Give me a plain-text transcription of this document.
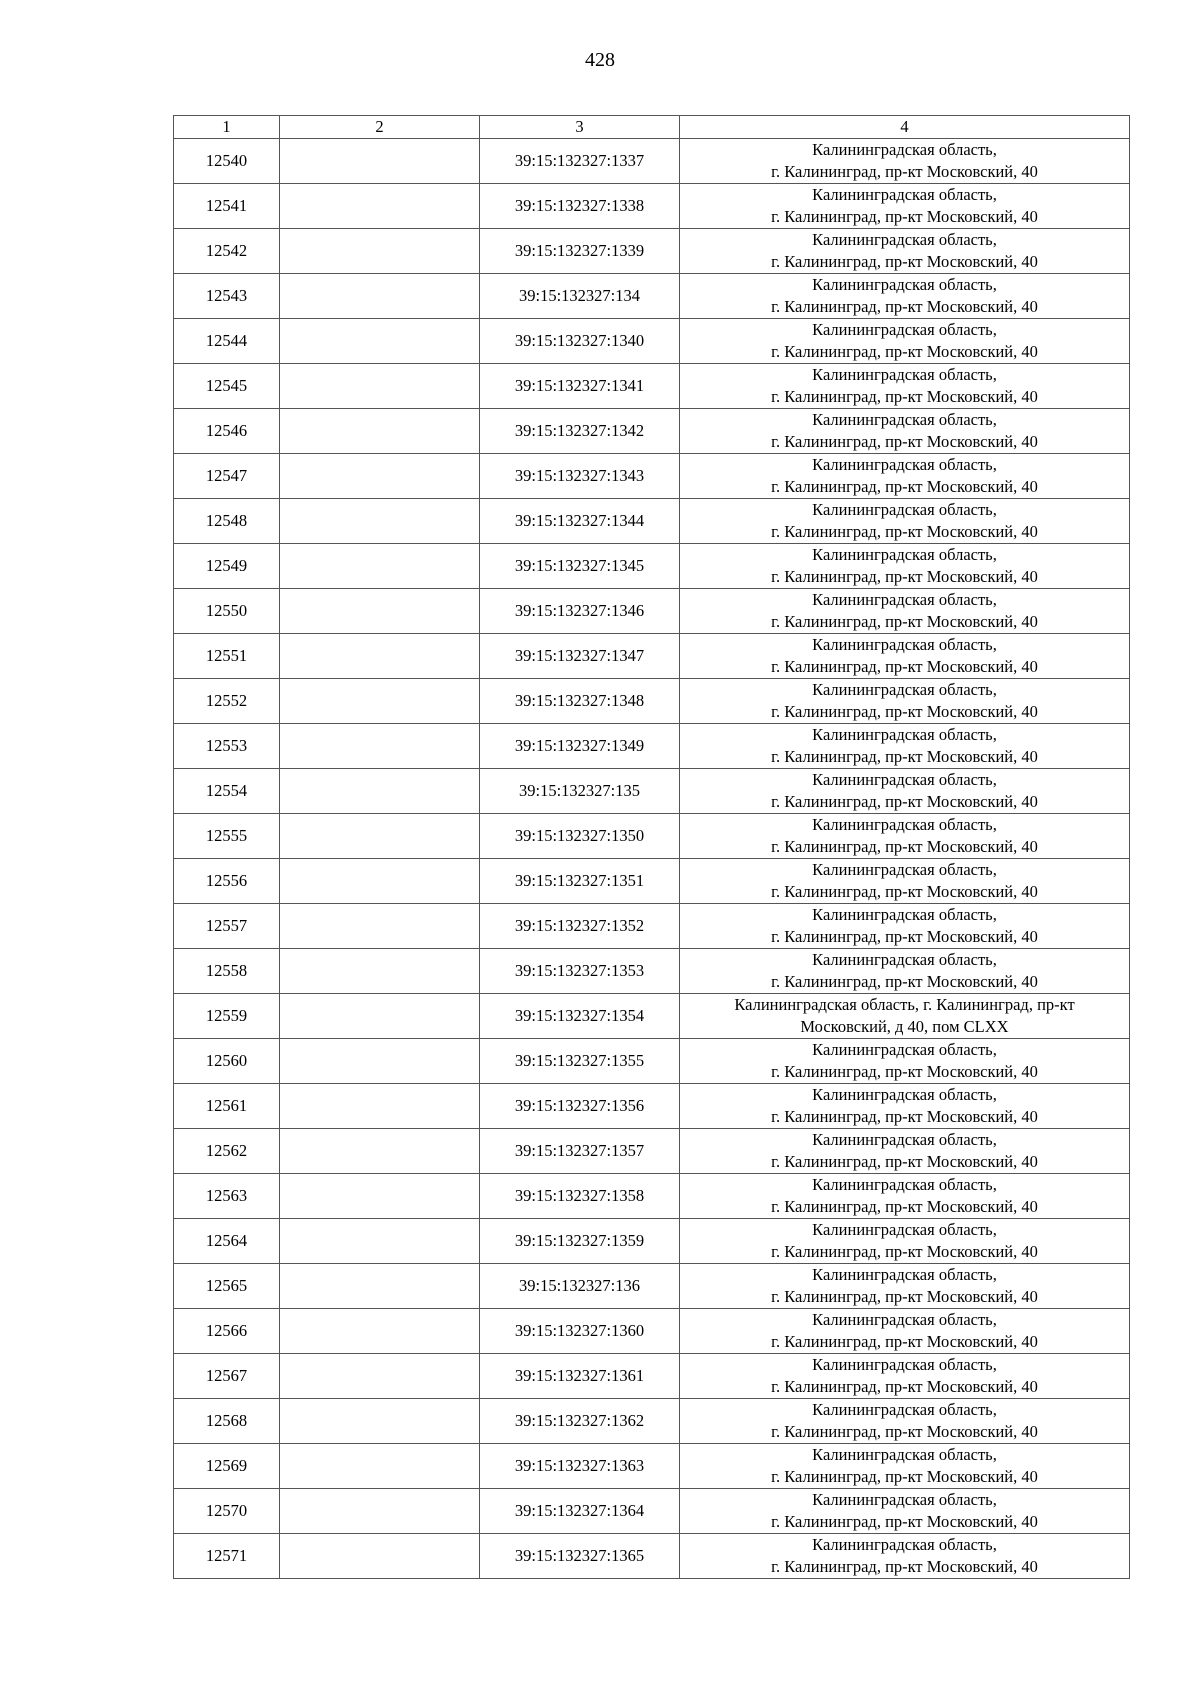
428
1	2	3	4
12540		39:15:132327:1337	Калининградская область,
г. Калининград, пр-кт Московский, 40

12541		39:15:132327:1338	Калининградская область,
г. Калининград, пр-кт Московский, 40

12542		39:15:132327:1339	Калининградская область,
г. Калининград, пр-кт Московский, 40

12543		39:15:132327:134	Калининградская область,
г. Калининград, пр-кт Московский, 40

12544		39:15:132327:1340	Калининградская область,
г. Калининград, пр-кт Московский, 40

12545		39:15:132327:1341	Калининградская область,
г. Калининград, пр-кт Московский, 40

12546		39:15:132327:1342	Калининградская область,
г. Калининград, пр-кт Московский, 40

12547		39:15:132327:1343	Калининградская область,
г. Калининград, пр-кт Московский, 40

12548		39:15:132327:1344	Калининградская область,
г. Калининград, пр-кт Московский, 40

12549		39:15:132327:1345	Калининградская область,
г. Калининград, пр-кт Московский, 40

12550		39:15:132327:1346	Калининградская область,
г. Калининград, пр-кт Московский, 40

12551		39:15:132327:1347	Калининградская область,
г. Калининград, пр-кт Московский, 40

12552		39:15:132327:1348	Калининградская область,
г. Калининград, пр-кт Московский, 40

12553		39:15:132327:1349	Калининградская область,
г. Калининград, пр-кт Московский, 40

12554		39:15:132327:135	Калининградская область,
г. Калининград, пр-кт Московский, 40

12555		39:15:132327:1350	Калининградская область,
г. Калининград, пр-кт Московский, 40

12556		39:15:132327:1351	Калининградская область,
г. Калининград, пр-кт Московский, 40

12557		39:15:132327:1352	Калининградская область,
г. Калининград, пр-кт Московский, 40

12558		39:15:132327:1353	Калининградская область,
г. Калининград, пр-кт Московский, 40

12559		39:15:132327:1354	Калининградская область, г. Калининград, пр-кт
Московский, д 40, пом CLXX

12560		39:15:132327:1355	Калининградская область,
г. Калининград, пр-кт Московский, 40

12561		39:15:132327:1356	Калининградская область,
г. Калининград, пр-кт Московский, 40

12562		39:15:132327:1357	Калининградская область,
г. Калининград, пр-кт Московский, 40

12563		39:15:132327:1358	Калининградская область,
г. Калининград, пр-кт Московский, 40

12564		39:15:132327:1359	Калининградская область,
г. Калининград, пр-кт Московский, 40

12565		39:15:132327:136	Калининградская область,
г. Калининград, пр-кт Московский, 40

12566		39:15:132327:1360	Калининградская область,
г. Калининград, пр-кт Московский, 40

12567		39:15:132327:1361	Калининградская область,
г. Калининград, пр-кт Московский, 40

12568		39:15:132327:1362	Калининградская область,
г. Калининград, пр-кт Московский, 40

12569		39:15:132327:1363	Калининградская область,
г. Калининград, пр-кт Московский, 40

12570		39:15:132327:1364	Калининградская область,
г. Калининград, пр-кт Московский, 40

12571		39:15:132327:1365	Калининградская область,
г. Калининград, пр-кт Московский, 40
